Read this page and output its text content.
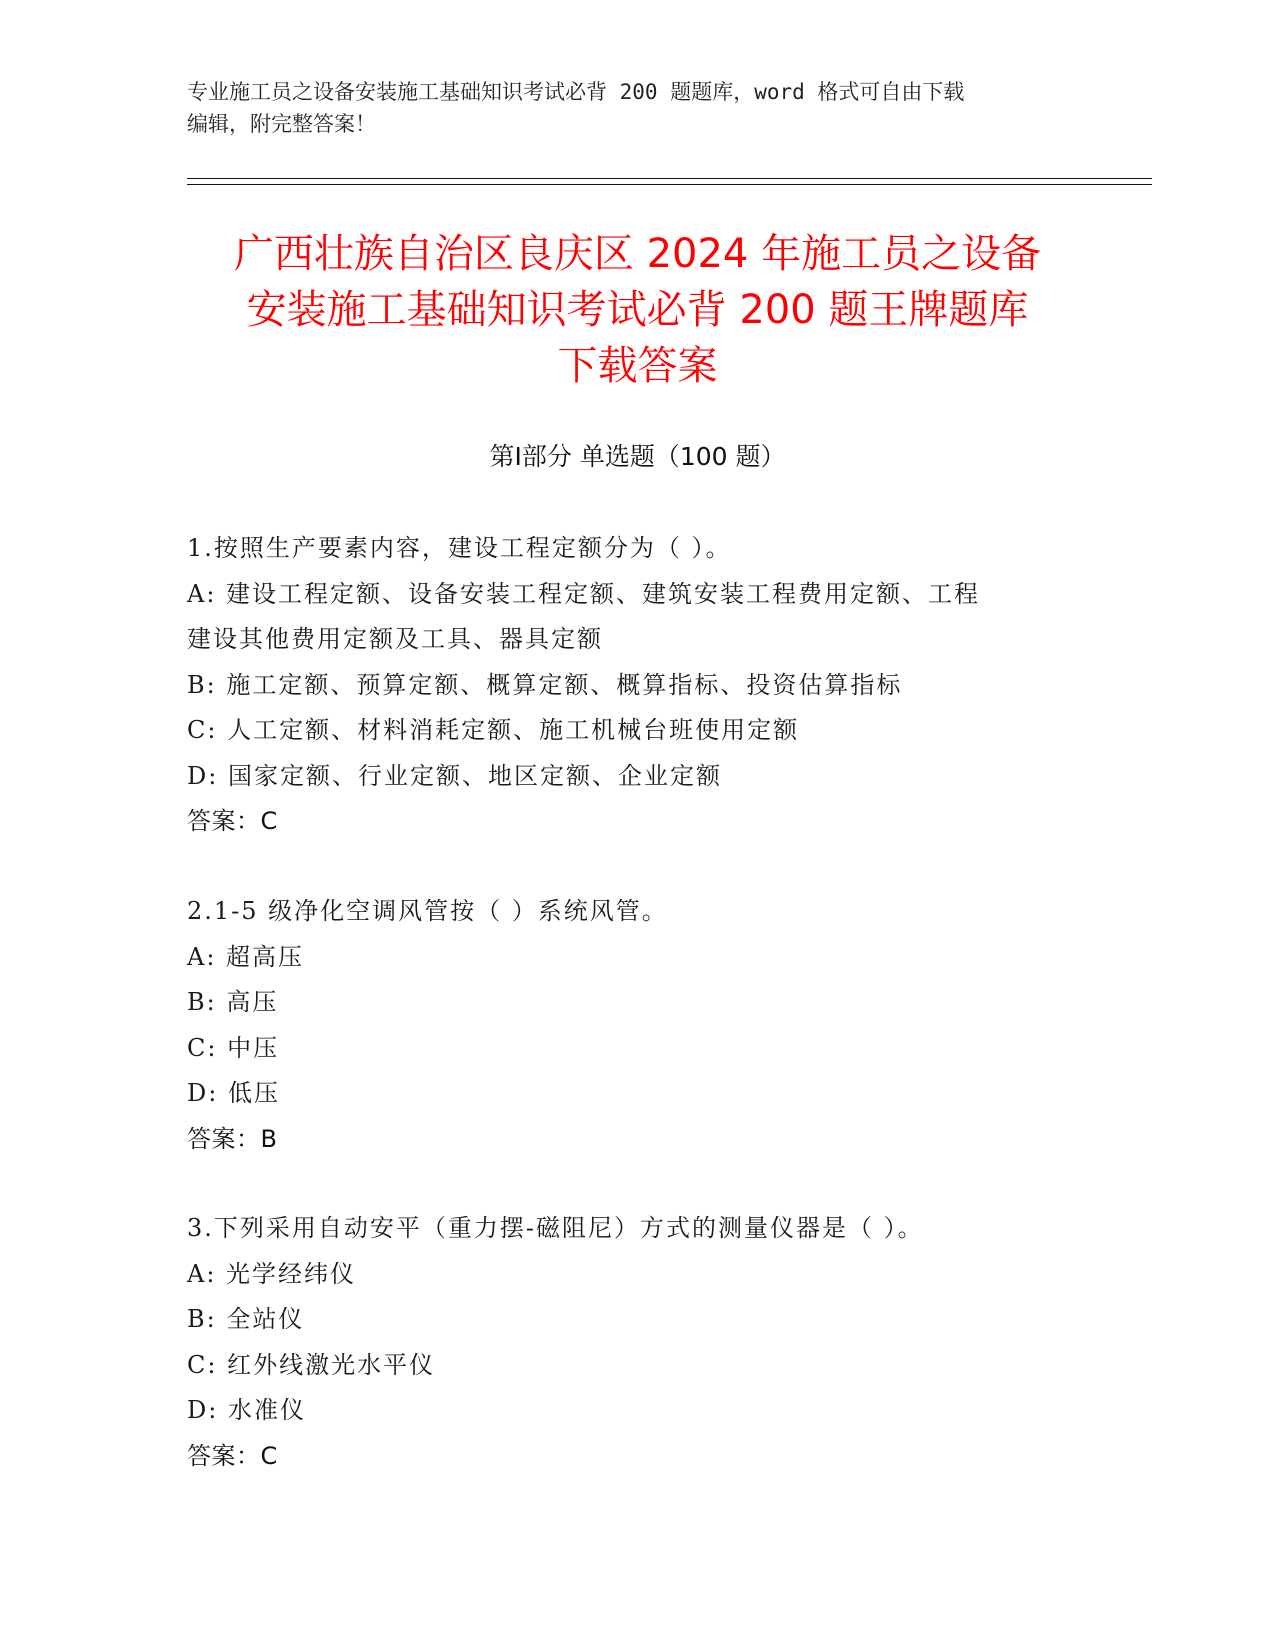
专业施工员之设备安装施工基础知识考试必背 200 题题库，word 格式可自由下载
编辑，附完整答案！
广西壮族自治区良庆区 2024 年施工员之设备
安装施工基础知识考试必背 200 题王牌题库
下载答案
第Ⅰ部分 单选题（100 题）
1.按照生产要素内容，建设工程定额分为（ ）。
A: 建设工程定额、设备安装工程定额、建筑安装工程费用定额、工程
建设其他费用定额及工具、器具定额
B: 施工定额、预算定额、概算定额、概算指标、投资估算指标
C: 人工定额、材料消耗定额、施工机械台班使用定额
D: 国家定额、行业定额、地区定额、企业定额
答案：C
2.1-5 级净化空调风管按（ ）系统风管。
A: 超高压
B: 高压
C: 中压
D: 低压
答案：B
3.下列采用自动安平（重力摆-磁阻尼）方式的测量仪器是（ ）。
A: 光学经纬仪
B: 全站仪
C: 红外线激光水平仪
D: 水准仪
答案：C
